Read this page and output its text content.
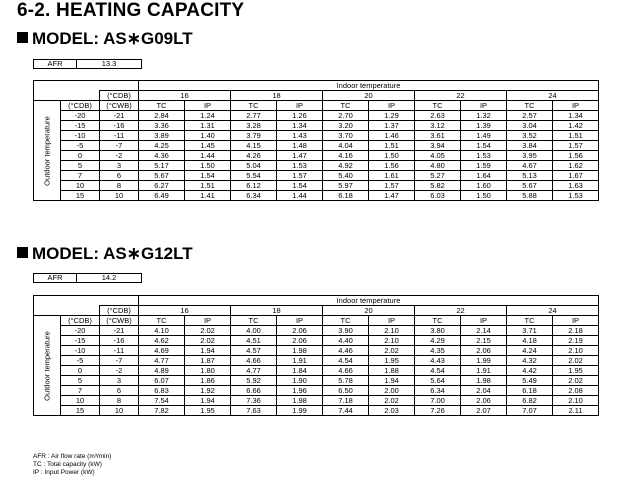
6-2. HEATING CAPACITY
MODEL: AS∗G09LT
AFR	13.3
			Indoor temperature									
		(°CDB)	16		18		20		22		24	

Outdoor temperature	(°CDB)	(°CWB)	TC	IP	TC	IP	TC	IP	TC	IP	TC	IP
	-20	-21	2.84	1.24	2.77	1.26	2.70	1.29	2.63	1.32	2.57	1.34
	-15	-16	3.36	1.31	3.28	1.34	3.20	1.37	3.12	1.39	3.04	1.42
	-10	-11	3.89	1.40	3.79	1.43	3.70	1.46	3.61	1.49	3.52	1.51
	-5	-7	4.25	1.45	4.15	1.48	4.04	1.51	3.94	1.54	3.84	1.57
	0	-2	4.36	1.44	4.26	1.47	4.16	1.50	4.05	1.53	3.95	1.56
	5	3	5.17	1.50	5.04	1.53	4.92	1.56	4.80	1.59	4.67	1.62
	7	6	5.67	1.54	5.54	1.57	5.40	1.61	5.27	1.64	5.13	1.67
	10	8	6.27	1.51	6.12	1.54	5.97	1.57	5.82	1.60	5.67	1.63
	15	10	6.49	1.41	6.34	1.44	6.18	1.47	6.03	1.50	5.88	1.53
MODEL: AS∗G12LT
AFR	14.2
			Indoor temperature									
		(°CDB)	16		18		20		22		24	

Outdoor temperature	(°CDB)	(°CWB)	TC	IP	TC	IP	TC	IP	TC	IP	TC	IP
	-20	-21	4.10	2.02	4.00	2.06	3.90	2.10	3.80	2.14	3.71	2.18
	-15	-16	4.62	2.02	4.51	2.06	4.40	2.10	4.29	2.15	4.18	2.19
	-10	-11	4.69	1.94	4.57	1.98	4.46	2.02	4.35	2.06	4.24	2.10
	-5	-7	4.77	1.87	4.66	1.91	4.54	1.95	4.43	1.99	4.32	2.02
	0	-2	4.89	1.80	4.77	1.84	4.66	1.88	4.54	1.91	4.42	1.95
	5	3	6.07	1.86	5.92	1.90	5.78	1.94	5.64	1.98	5.49	2.02
	7	6	6.83	1.92	6.66	1.96	6.50	2.00	6.34	2.04	6.18	2.08
	10	8	7.54	1.94	7.36	1.98	7.18	2.02	7.00	2.06	6.82	2.10
	15	10	7.82	1.95	7.63	1.99	7.44	2.03	7.26	2.07	7.07	2.11
AFR : Air flow rate (m³/min)
TC : Total capacity (kW)
IP : Input Power (kW)
